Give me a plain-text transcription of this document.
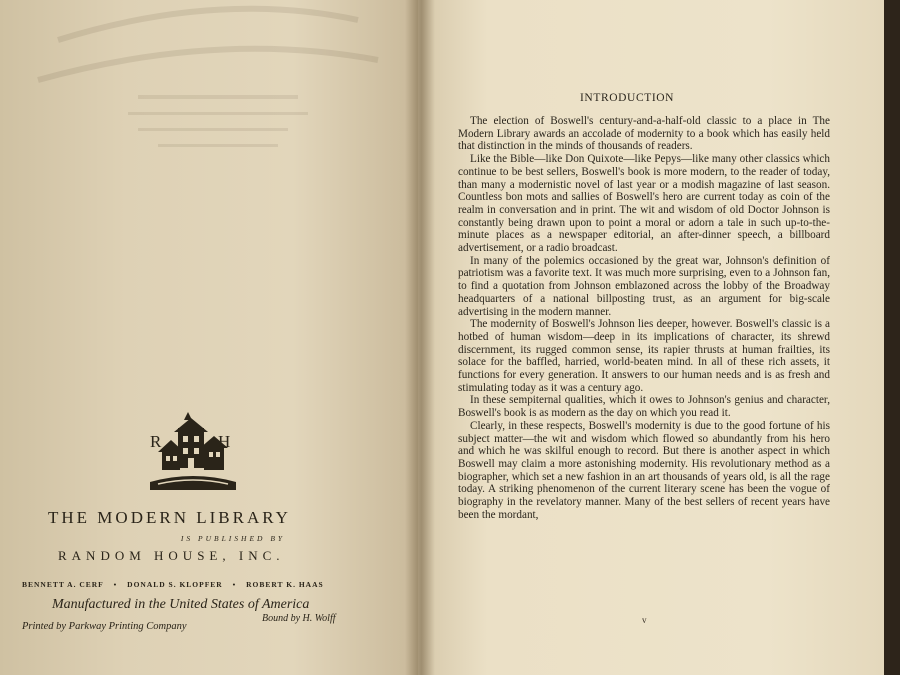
R	H
THE MODERN LIBRARY
IS PUBLISHED BY
RANDOM HOUSE, INC.
BENNETT A. CERF • DONALD S. KLOPFER • ROBERT K. HAAS
Manufactured in the United States of America
Printed by Parkway Printing Company
Bound by H. Wolff
INTRODUCTION

The election of Boswell's century-and-a-half-old classic to a place in The Modern Library awards an accolade of modernity to a book which has easily held that distinction in the minds of thousands of readers.

Like the Bible—like Don Quixote—like Pepys—like many other classics which continue to be best sellers, Boswell's book is more modern, to the reader of today, than many a modernistic novel of last year or a modish magazine of last season. Countless bon mots and sallies of Boswell's hero are current today as coin of the realm in conversation and in print. The wit and wisdom of old Doctor Johnson is constantly being drawn upon to point a moral or adorn a tale in such up-to-the-minute places as a newspaper editorial, an after-dinner speech, a billboard advertisement, or a radio broadcast.

In many of the polemics occasioned by the great war, Johnson's definition of patriotism was a favorite text. It was much more surprising, even to a Johnson fan, to find a quotation from Johnson emblazoned across the lobby of the Broadway headquarters of a national billposting trust, as an argument for big-scale advertising in the modern manner.

The modernity of Boswell's Johnson lies deeper, however. Boswell's classic is a hotbed of human wisdom—deep in its implications of character, its shrewd discernment, its rugged common sense, its rapier thrusts at human frailties, its solace for the baffled, harried, world-beaten mind. In all of these rich assets, it functions for every generation. It answers to our human needs and is as fresh and stimulating today as it was a century ago.

In these sempiternal qualities, which it owes to Johnson's genius and character, Boswell's book is as modern as the day on which you read it.

Clearly, in these respects, Boswell's modernity is due to the good fortune of his subject matter—the wit and wisdom which flowed so abundantly from his hero and which he was skilful enough to record. But there is another aspect in which Boswell may claim a more astonishing modernity. His revolutionary method as a biographer, which set a new fashion in an art thousands of years old, is all the rage today. A striking phenomenon of the current literary scene has been the vogue of biography in the revelatory manner. Many of the best sellers of recent years have been the mordant,

v
